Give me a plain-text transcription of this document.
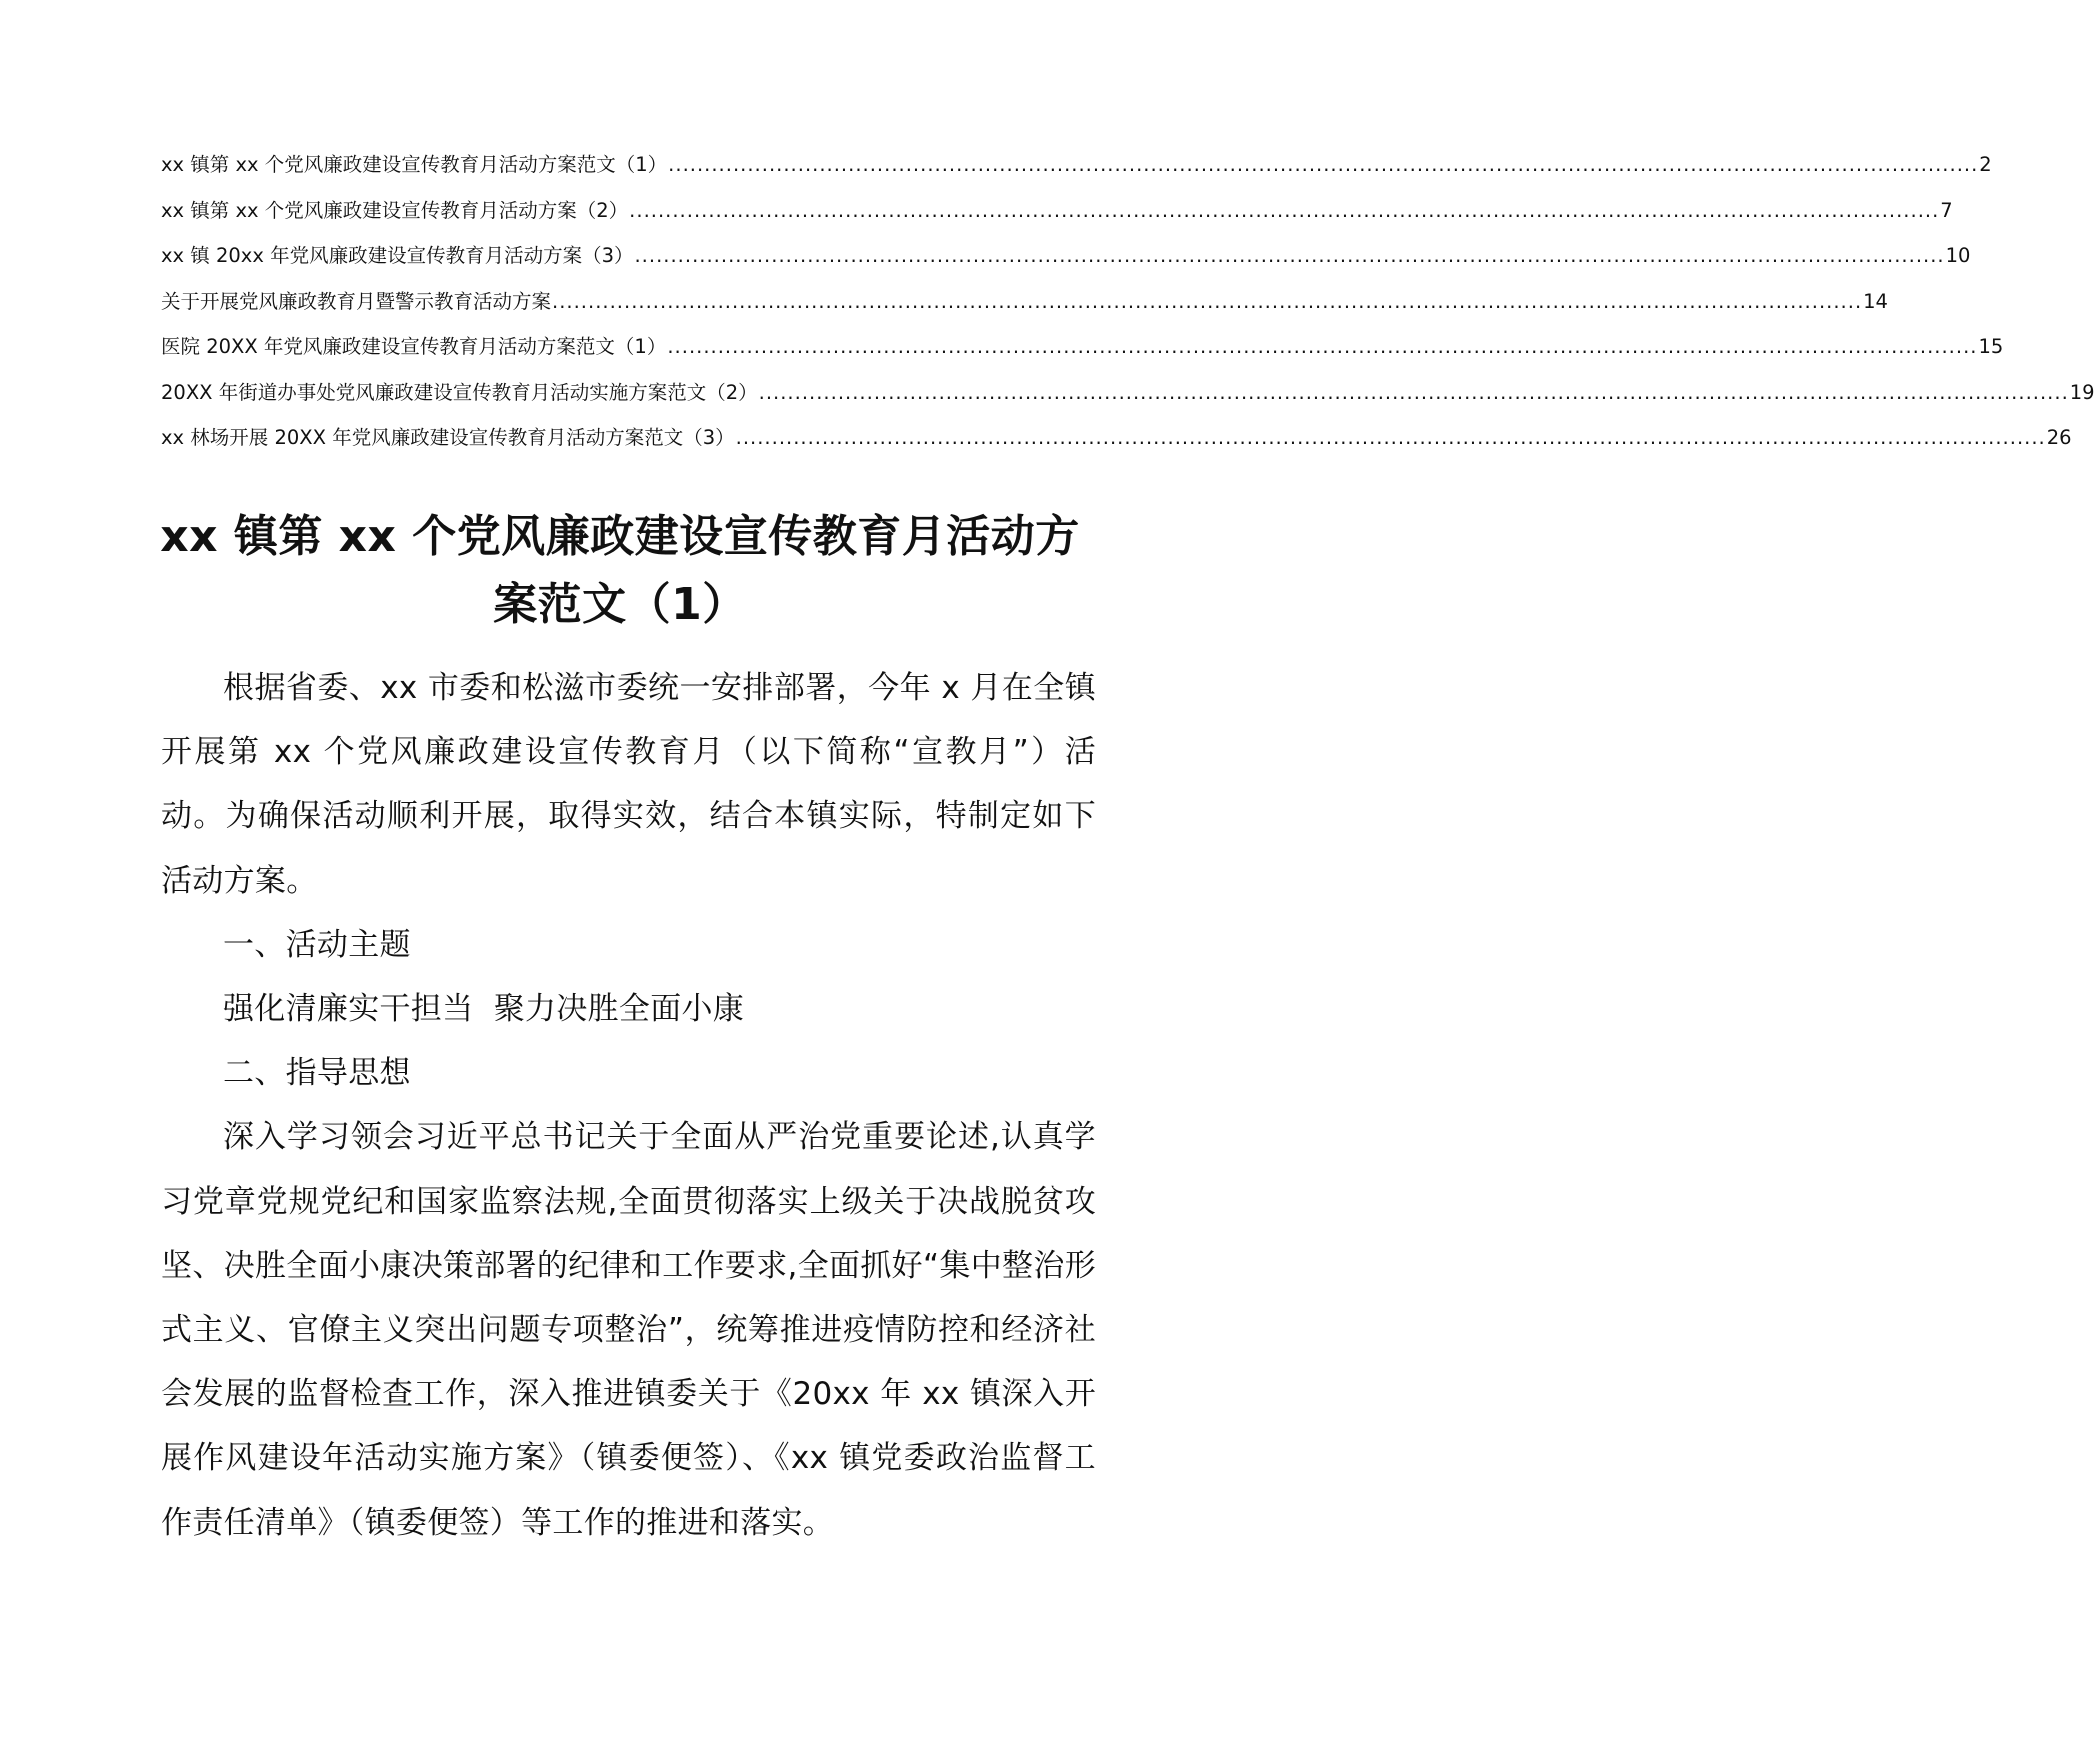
xx 镇第 xx 个党风廉政建设宣传教育月活动方案范文（1） ...................................................................................................................................................................................... 2
xx 镇第 xx 个党风廉政建设宣传教育月活动方案（2） ...................................................................................................................................................................................... 7
xx 镇 20xx 年党风廉政建设宣传教育月活动方案（3） ...................................................................................................................................................................................... 10
关于开展党风廉政教育月暨警示教育活动方案 ...................................................................................................................................................................................... 14
医院 20XX 年党风廉政建设宣传教育月活动方案范文（1） ...................................................................................................................................................................................... 15
20XX 年街道办事处党风廉政建设宣传教育月活动实施方案范文（2） ...................................................................................................................................................................................... 19
xx 林场开展 20XX 年党风廉政建设宣传教育月活动方案范文（3） ...................................................................................................................................................................................... 26
xx 镇第 xx 个党风廉政建设宣传教育月活动方
案范文（1）

根据省委、xx 市委和松滋市委统一安排部署，今年 x 月在全镇开展第 xx 个党风廉政建设宣传教育月（以下简称“宣教月”）活动。为确保活动顺利开展，取得实效，结合本镇实际，特制定如下活动方案。

一、活动主题

强化清廉实干担当  聚力决胜全面小康

二、指导思想

深入学习领会习近平总书记关于全面从严治党重要论述,认真学习党章党规党纪和国家监察法规,全面贯彻落实上级关于决战脱贫攻坚、决胜全面小康决策部署的纪律和工作要求,全面抓好“集中整治形式主义、官僚主义突出问题专项整治”，统筹推进疫情防控和经济社会发展的监督检查工作，深入推进镇委关于《20xx 年 xx 镇深入开展作风建设年活动实施方案》（镇委便签）、《xx 镇党委政治监督工作责任清单》（镇委便签）等工作的推进和落实。
